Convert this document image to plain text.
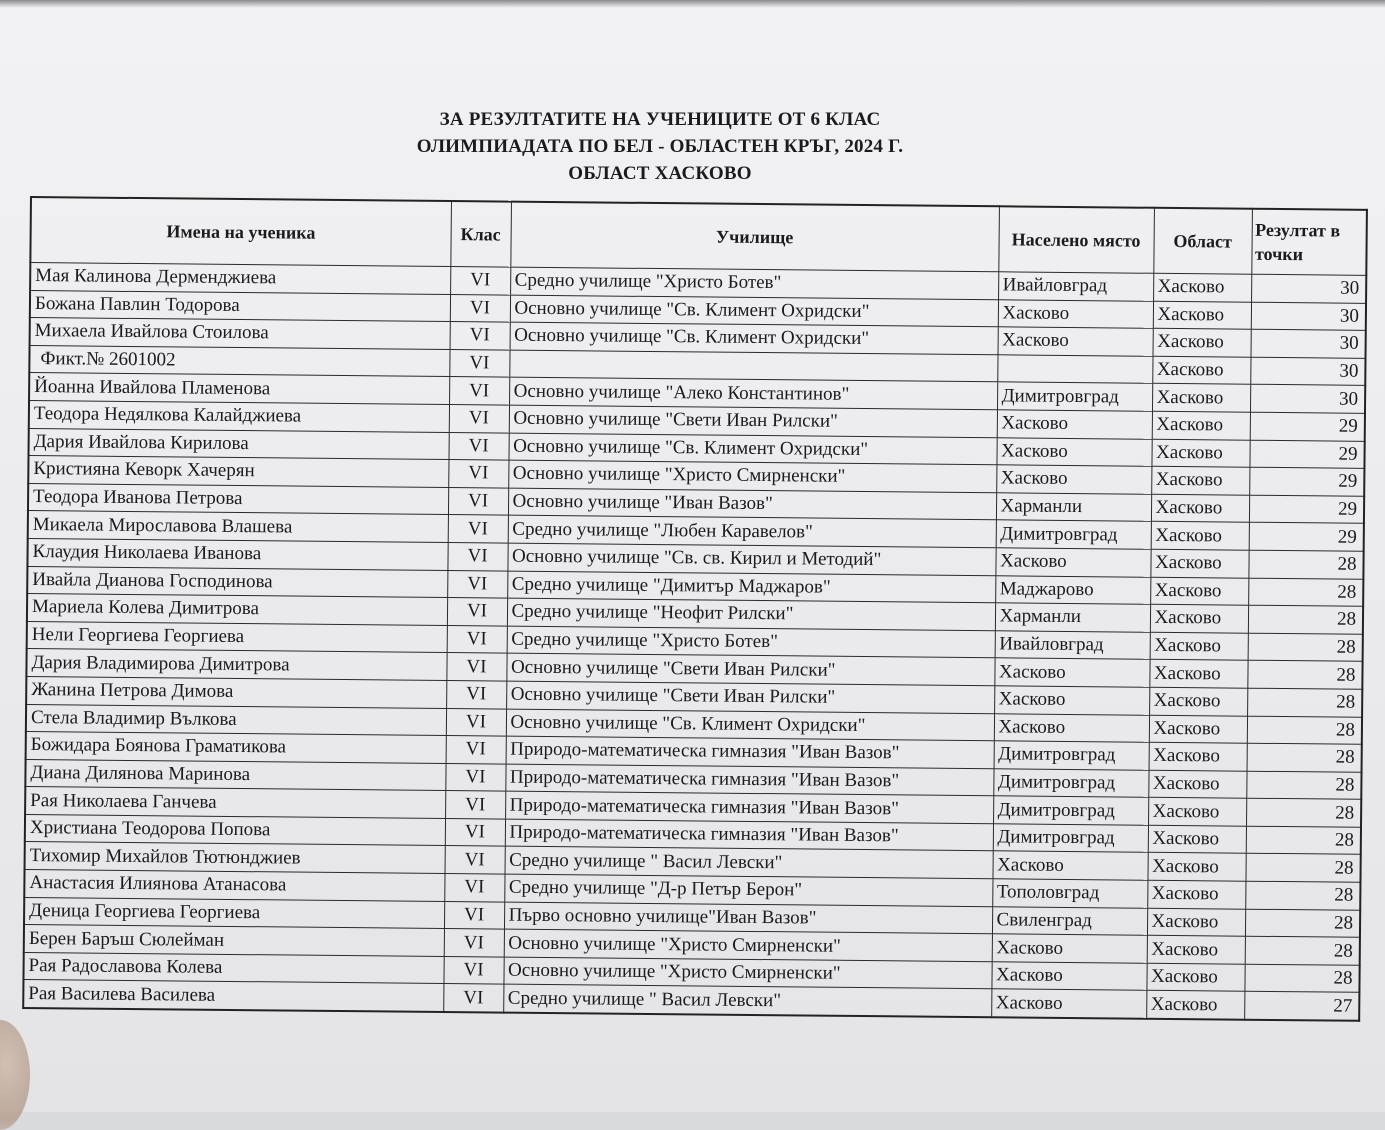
ЗА РЕЗУЛТАТИТЕ НА УЧЕНИЦИТЕ ОТ 6 КЛАС
ОЛИМПИАДАТА ПО БЕЛ - ОБЛАСТЕН КРЪГ, 2024 Г.
ОБЛАСТ ХАСКОВО
Имена на ученика	Клас	Училище	Населено място	Област	Резултат в точки
Мая Калинова Дерменджиева	VI	Средно училище "Христо Ботев"	Ивайловград	Хасково	30
Божана Павлин Тодорова	VI	Основно училище "Св. Климент Охридски"	Хасково	Хасково	30
Михаела Ивайлова Стоилова	VI	Основно училище "Св. Климент Охридски"	Хасково	Хасково	30
Фикт.№ 2601002	VI			Хасково	30
Йоанна Ивайлова Пламенова	VI	Основно училище "Алеко Константинов"	Димитровград	Хасково	30
Теодора Недялкова Калайджиева	VI	Основно училище "Свети Иван Рилски"	Хасково	Хасково	29
Дария Ивайлова Кирилова	VI	Основно училище "Св. Климент Охридски"	Хасково	Хасково	29
Кристияна Кеворк Хачерян	VI	Основно училище "Христо Смирненски"	Хасково	Хасково	29
Теодора Иванова Петрова	VI	Основно училище "Иван Вазов"	Харманли	Хасково	29
Микаела Мирославова Влашева	VI	Средно училище "Любен Каравелов"	Димитровград	Хасково	29
Клаудия Николаева Иванова	VI	Основно училище "Св. св. Кирил и Методий"	Хасково	Хасково	28
Ивайла Дианова Господинова	VI	Средно училище "Димитър Маджаров"	Маджарово	Хасково	28
Мариела Колева Димитрова	VI	Средно училище "Неофит Рилски"	Харманли	Хасково	28
Нели Георгиева Георгиева	VI	Средно училище "Христо Ботев"	Ивайловград	Хасково	28
Дария Владимирова Димитрова	VI	Основно училище "Свети Иван Рилски"	Хасково	Хасково	28
Жанина Петрова Димова	VI	Основно училище "Свети Иван Рилски"	Хасково	Хасково	28
Стела Владимир Вълкова	VI	Основно училище "Св. Климент Охридски"	Хасково	Хасково	28
Божидара Боянова Граматикова	VI	Природо-математическа гимназия "Иван Вазов"	Димитровград	Хасково	28
Диана Дилянова Маринова	VI	Природо-математическа гимназия "Иван Вазов"	Димитровград	Хасково	28
Рая Николаева Ганчева	VI	Природо-математическа гимназия "Иван Вазов"	Димитровград	Хасково	28
Христиана Теодорова Попова	VI	Природо-математическа гимназия "Иван Вазов"	Димитровград	Хасково	28
Тихомир Михайлов Тютюнджиев	VI	Средно училище " Васил Левски"	Хасково	Хасково	28
Анастасия Илиянова Атанасова	VI	Средно училище "Д-р Петър Берон"	Тополовград	Хасково	28
Деница Георгиева Георгиева	VI	Първо основно училище"Иван Вазов"	Свиленград	Хасково	28
Берен Баръш Сюлейман	VI	Основно училище "Христо Смирненски"	Хасково	Хасково	28
Рая Радославова Колева	VI	Основно училище "Христо Смирненски"	Хасково	Хасково	28
Рая Василева Василева	VI	Средно училище " Васил Левски"	Хасково	Хасково	27
